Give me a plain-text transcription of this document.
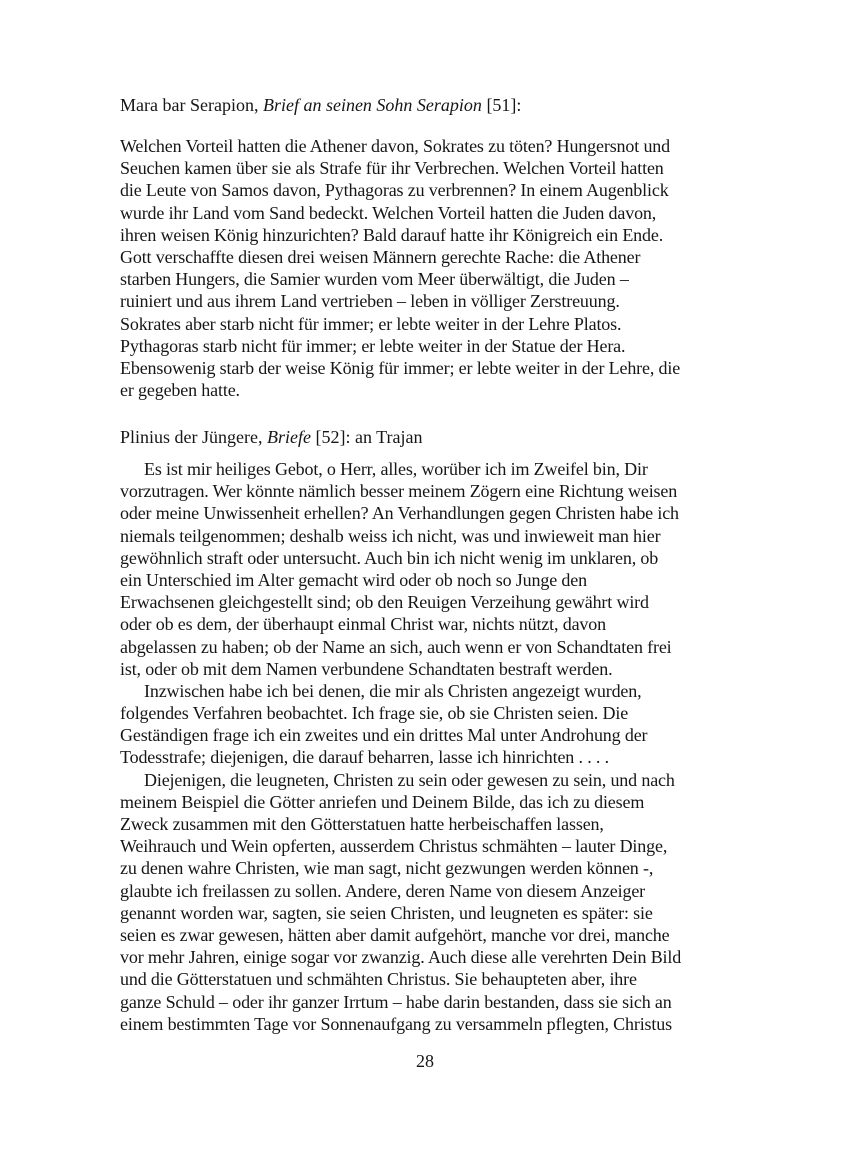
Mara bar Serapion, Brief an seinen Sohn Serapion [51]:
Welchen Vorteil hatten die Athener davon, Sokrates zu töten? Hungersnot und
Seuchen kamen über sie als Strafe für ihr Verbrechen. Welchen Vorteil hatten
die Leute von Samos davon, Pythagoras zu verbrennen? In einem Augenblick
wurde ihr Land vom Sand bedeckt. Welchen Vorteil hatten die Juden davon,
ihren weisen König hinzurichten? Bald darauf hatte ihr Königreich ein Ende.
Gott verschaffte diesen drei weisen Männern gerechte Rache: die Athener
starben Hungers, die Samier wurden vom Meer überwältigt, die Juden –
ruiniert und aus ihrem Land vertrieben – leben in völliger Zerstreuung.
Sokrates aber starb nicht für immer; er lebte weiter in der Lehre Platos.
Pythagoras starb nicht für immer; er lebte weiter in der Statue der Hera.
Ebensowenig starb der weise König für immer; er lebte weiter in der Lehre, die
er gegeben hatte.
Plinius der Jüngere, Briefe [52]: an Trajan
Es ist mir heiliges Gebot, o Herr, alles, worüber ich im Zweifel bin, Dir
vorzutragen. Wer könnte nämlich besser meinem Zögern eine Richtung weisen
oder meine Unwissenheit erhellen? An Verhandlungen gegen Christen habe ich
niemals teilgenommen; deshalb weiss ich nicht, was und inwieweit man hier
gewöhnlich straft oder untersucht. Auch bin ich nicht wenig im unklaren, ob
ein Unterschied im Alter gemacht wird oder ob noch so Junge den
Erwachsenen gleichgestellt sind; ob den Reuigen Verzeihung gewährt wird
oder ob es dem, der überhaupt einmal Christ war, nichts nützt, davon
abgelassen zu haben; ob der Name an sich, auch wenn er von Schandtaten frei
ist, oder ob mit dem Namen verbundene Schandtaten bestraft werden.
Inzwischen habe ich bei denen, die mir als Christen angezeigt wurden,
folgendes Verfahren beobachtet. Ich frage sie, ob sie Christen seien. Die
Geständigen frage ich ein zweites und ein drittes Mal unter Androhung der
Todesstrafe; diejenigen, die darauf beharren, lasse ich hinrichten . . . .
Diejenigen, die leugneten, Christen zu sein oder gewesen zu sein, und nach
meinem Beispiel die Götter anriefen und Deinem Bilde, das ich zu diesem
Zweck zusammen mit den Götterstatuen hatte herbeischaffen lassen,
Weihrauch und Wein opferten, ausserdem Christus schmähten – lauter Dinge,
zu denen wahre Christen, wie man sagt, nicht gezwungen werden können -,
glaubte ich freilassen zu sollen. Andere, deren Name von diesem Anzeiger
genannt worden war, sagten, sie seien Christen, und leugneten es später: sie
seien es zwar gewesen, hätten aber damit aufgehört, manche vor drei, manche
vor mehr Jahren, einige sogar vor zwanzig. Auch diese alle verehrten Dein Bild
und die Götterstatuen und schmähten Christus. Sie behaupteten aber, ihre
ganze Schuld – oder ihr ganzer Irrtum – habe darin bestanden, dass sie sich an
einem bestimmten Tage vor Sonnenaufgang zu versammeln pflegten, Christus
28
